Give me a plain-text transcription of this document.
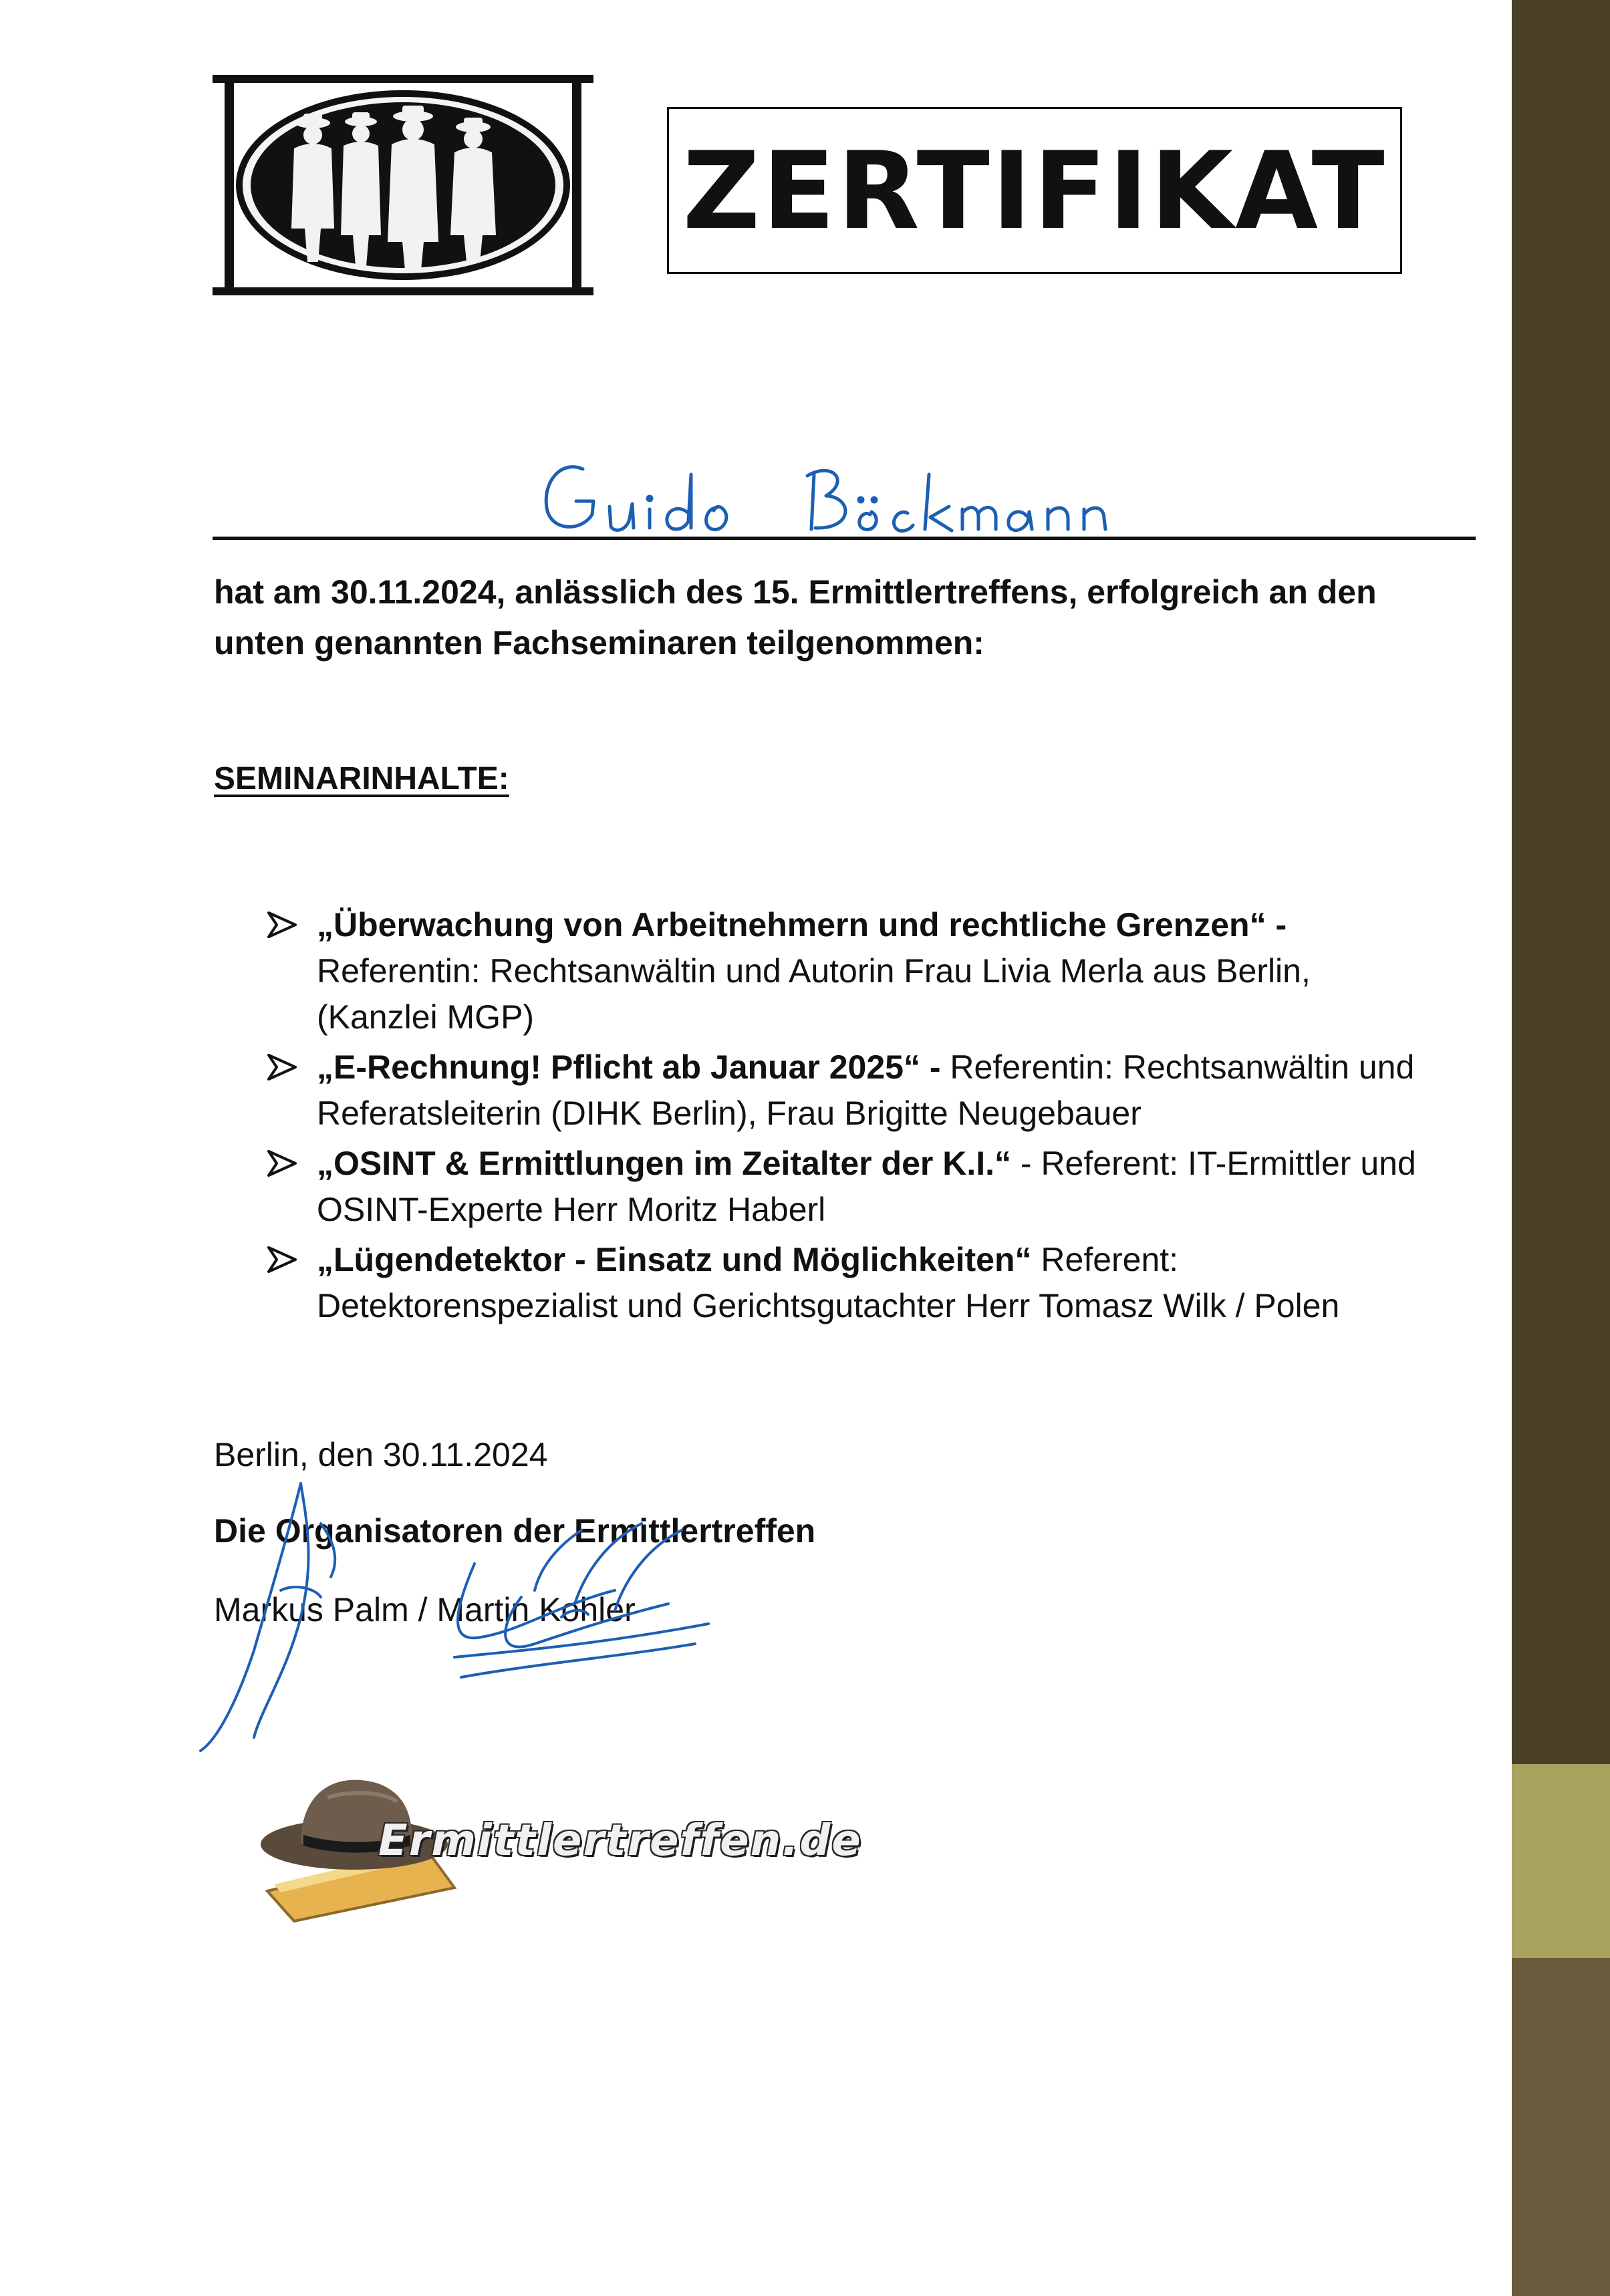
ZERTIFIKAT
hat am 30.11.2024, anlässlich des 15. Ermittlertreffens, erfolgreich an den
unten genannten Fachseminaren teilgenommen:
SEMINARINHALTE:
„Überwachung von Arbeitnehmern und rechtliche Grenzen“ -
Referentin: Rechtsanwältin und Autorin Frau Livia Merla aus Berlin,
(Kanzlei MGP)
„E-Rechnung! Pflicht ab Januar 2025“ - Referentin: Rechtsanwältin und
Referatsleiterin (DIHK Berlin), Frau Brigitte Neugebauer
„OSINT & Ermittlungen im Zeitalter der K.I.“ - Referent: IT-Ermittler und
OSINT-Experte Herr Moritz Haberl
„Lügendetektor - Einsatz und Möglichkeiten“ Referent:
Detektorenspezialist und Gerichtsgutachter Herr Tomasz Wilk / Polen
Berlin, den 30.11.2024
Die Organisatoren der Ermittlertreffen
Markus Palm / Martin Kohler
Ermittlertreffen.de
